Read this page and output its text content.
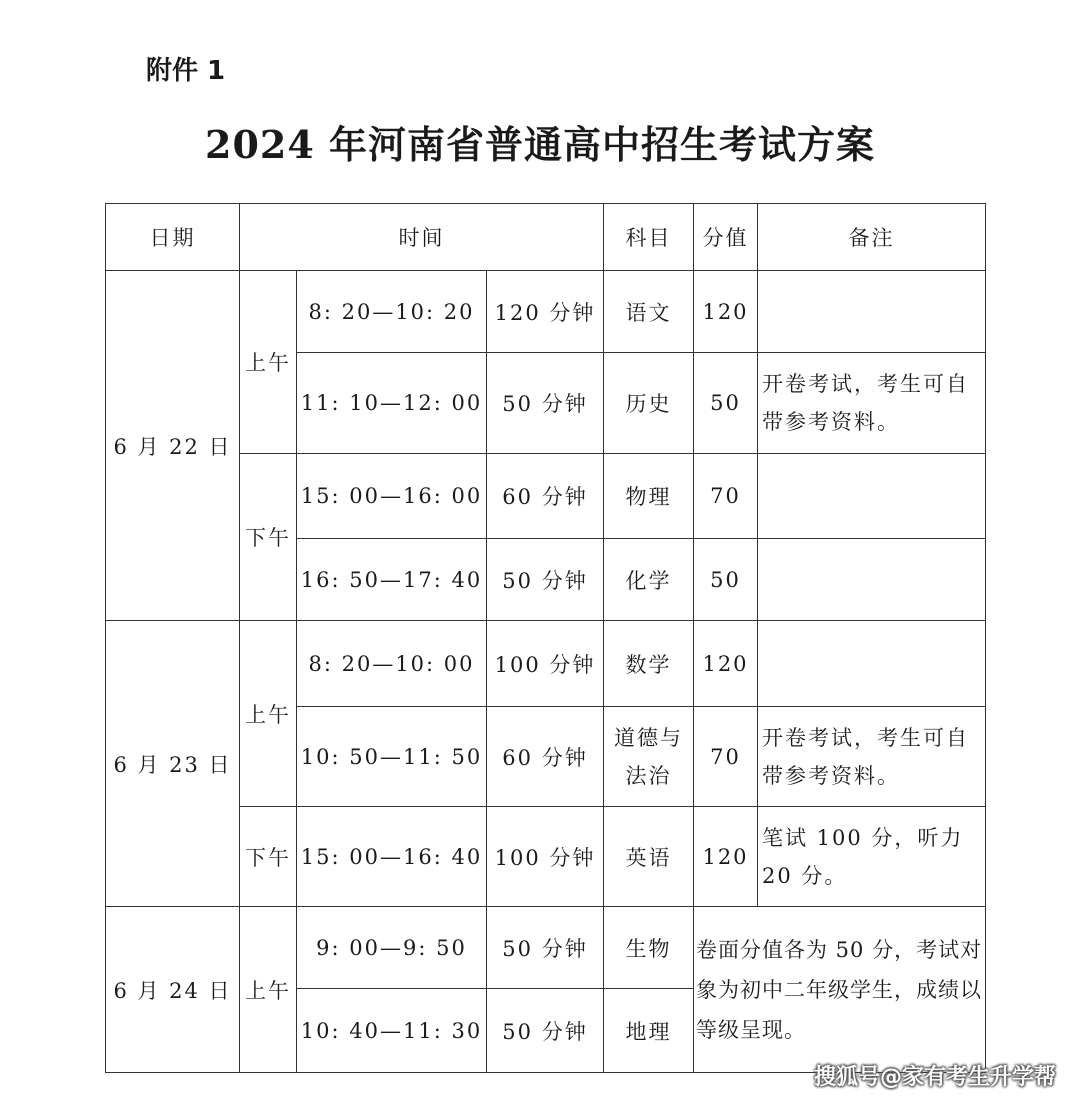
附件 1
2024 年河南省普通高中招生考试方案
日期	时间			科目	分值	备注
6 月 22 日	上午	8: 20—10: 20	120 分钟	语文	120	
		11: 10—12: 00	50 分钟	历史	50	开卷考试，考生可自带参考资料。
	下午	15: 00—16: 00	60 分钟	物理	70	
		16: 50—17: 40	50 分钟	化学	50	
6 月 23 日	上午	8: 20—10: 00	100 分钟	数学	120	
		10: 50—11: 50	60 分钟	道德与法治	70	开卷考试，考生可自带参考资料。
	下午	15: 00—16: 40	100 分钟	英语	120	笔试 100 分，听力 20 分。
6 月 24 日	上午	9: 00—9: 50	50 分钟	生物	卷面分值各为 50 分，考试对象为初中二年级学生，成绩以等级呈现。	
		10: 40—11: 30	50 分钟	地理		
搜狐号@家有考生升学帮
